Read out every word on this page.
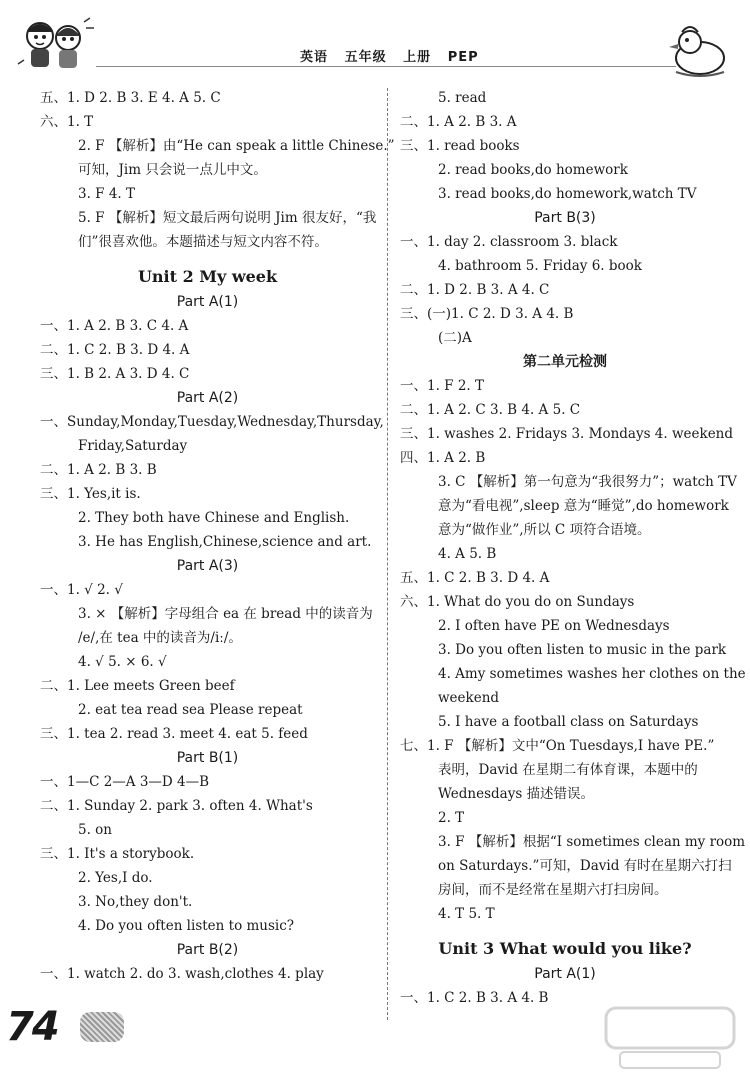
英语   五年级   上册   PEP
五、1. D 2. B 3. E 4. A 5. C
六、1. T
2. F 【解析】由“He can speak a little Chinese.”
可知，Jim 只会说一点儿中文。
3. F 4. T
5. F 【解析】短文最后两句说明 Jim 很友好，“我
们”很喜欢他。本题描述与短文内容不符。
Unit 2 My week
Part A(1)
一、1. A 2. B 3. C 4. A
二、1. C 2. B 3. D 4. A
三、1. B 2. A 3. D 4. C
Part A(2)
一、Sunday,Monday,Tuesday,Wednesday,Thursday,
Friday,Saturday
二、1. A 2. B 3. B
三、1. Yes,it is.
2. They both have Chinese and English.
3. He has English,Chinese,science and art.
Part A(3)
一、1. √ 2. √
3. × 【解析】字母组合 ea 在 bread 中的读音为
/e/,在 tea 中的读音为/iː/。
4. √ 5. × 6. √
二、1. Lee meets Green beef
2. eat tea read sea Please repeat
三、1. tea 2. read 3. meet 4. eat 5. feed
Part B(1)
一、1—C 2—A 3—D 4—B
二、1. Sunday 2. park 3. often 4. What's
5. on
三、1. It's a storybook.
2. Yes,I do.
3. No,they don't.
4. Do you often listen to music?
Part B(2)
一、1. watch 2. do 3. wash,clothes 4. play
5. read
二、1. A 2. B 3. A
三、1. read books
2. read books,do homework
3. read books,do homework,watch TV
Part B(3)
一、1. day 2. classroom 3. black
4. bathroom 5. Friday 6. book
二、1. D 2. B 3. A 4. C
三、(一)1. C 2. D 3. A 4. B
(二)A
第二单元检测
一、1. F 2. T
二、1. A 2. C 3. B 4. A 5. C
三、1. washes 2. Fridays 3. Mondays 4. weekend
四、1. A 2. B
3. C 【解析】第一句意为“我很努力”；watch TV
意为“看电视”,sleep 意为“睡觉”,do homework
意为“做作业”,所以 C 项符合语境。
4. A 5. B
五、1. C 2. B 3. D 4. A
六、1. What do you do on Sundays
2. I often have PE on Wednesdays
3. Do you often listen to music in the park
4. Amy sometimes washes her clothes on the
weekend
5. I have a football class on Saturdays
七、1. F 【解析】文中“On Tuesdays,I have PE.”
表明，David 在星期二有体育课，本题中的
Wednesdays 描述错误。
2. T
3. F 【解析】根据“I sometimes clean my room
on Saturdays.”可知，David 有时在星期六打扫
房间，而不是经常在星期六打扫房间。
4. T 5. T
Unit 3 What would you like?
Part A(1)
一、1. C 2. B 3. A 4. B
74
